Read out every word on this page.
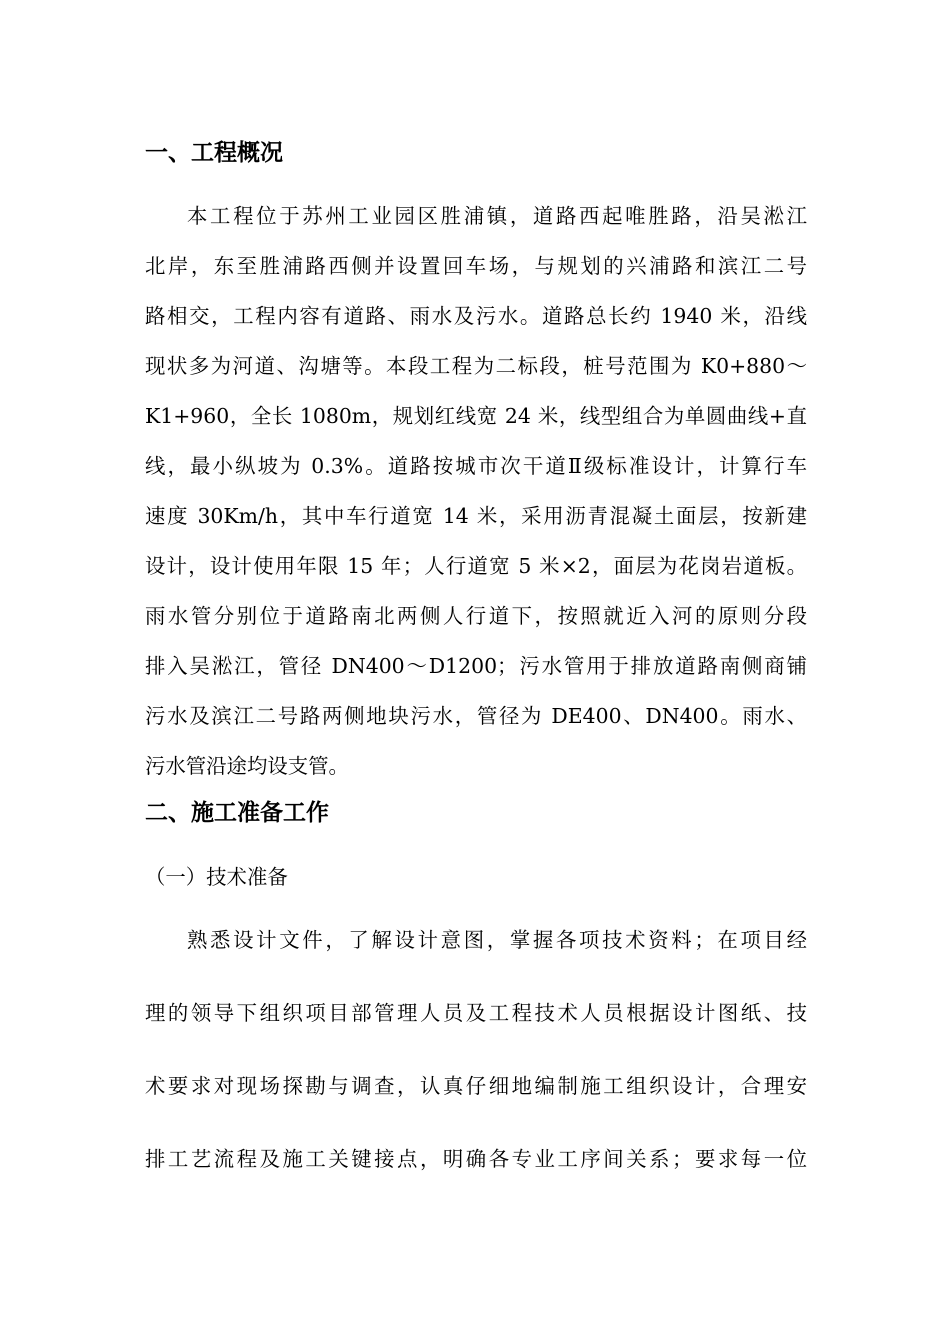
一、工程概况
本工程位于苏州工业园区胜浦镇，道路西起唯胜路，沿吴淞江
北岸，东至胜浦路西侧并设置回车场，与规划的兴浦路和滨江二号
路相交，工程内容有道路、雨水及污水。道路总长约 1940 米，沿线
现状多为河道、沟塘等。本段工程为二标段，桩号范围为 K0+880～
K1+960，全长 1080m，规划红线宽 24 米，线型组合为单圆曲线+直
线，最小纵坡为 0.3%。道路按城市次干道Ⅱ级标准设计，计算行车
速度 30Km/h，其中车行道宽 14 米，采用沥青混凝土面层，按新建
设计，设计使用年限 15 年；人行道宽 5 米×2，面层为花岗岩道板。
雨水管分别位于道路南北两侧人行道下，按照就近入河的原则分段
排入吴淞江，管径 DN400～D1200；污水管用于排放道路南侧商铺
污水及滨江二号路两侧地块污水，管径为 DE400、DN400。雨水、
污水管沿途均设支管。
二、施工准备工作
（一）技术准备
熟悉设计文件，了解设计意图，掌握各项技术资料；在项目经
理的领导下组织项目部管理人员及工程技术人员根据设计图纸、技
术要求对现场探勘与调查，认真仔细地编制施工组织设计，合理安
排工艺流程及施工关键接点，明确各专业工序间关系；要求每一位
